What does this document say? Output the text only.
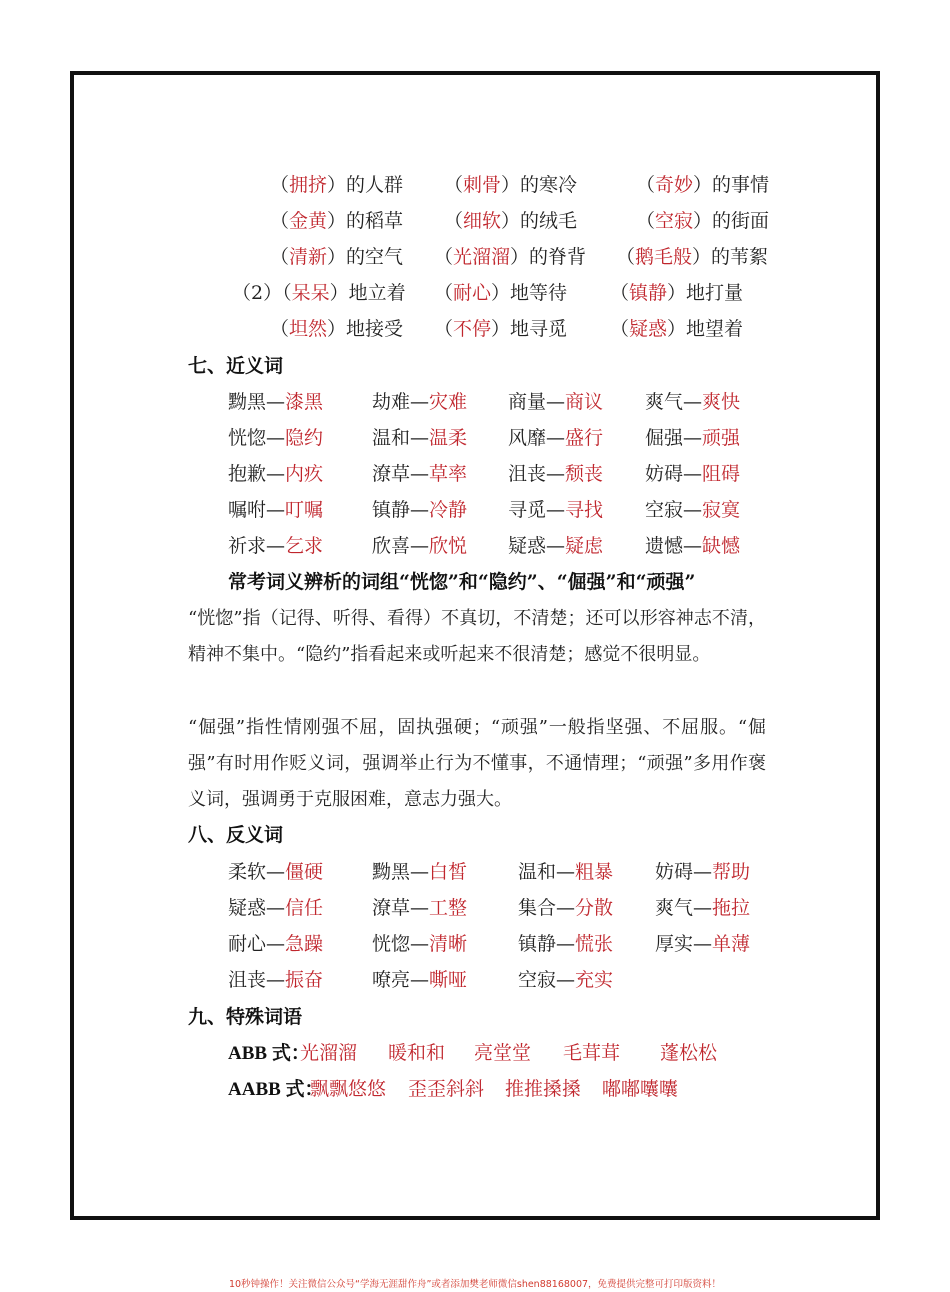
（拥挤）的人群 （刺骨）的寒冷	（奇妙）的事情
（金黄）的稻草 （细软）的绒毛	（空寂）的街面
（清新）的空气 （光溜溜）的脊背 （鹅毛般）的苇絮
（2）（呆呆）地立着 （耐心）地等待 （镇静）地打量
（坦然）地接受 （不停）地寻觅 （疑惑）地望着
七、近义词
黝黑—漆黑	劫难—灾难 商量—商议 爽气—爽快
恍惚—隐约	温和—温柔 风靡—盛行 倔强—顽强
抱歉—内疚	潦草—草率 沮丧—颓丧 妨碍—阻碍
嘱咐—叮嘱	镇静—冷静 寻觅—寻找 空寂—寂寞
祈求—乞求	欣喜—欣悦 疑惑—疑虑 遗憾—缺憾
常考词义辨析的词组“恍惚”和“隐约”、“倔强”和“顽强”
“恍惚”指（记得、听得、看得）不真切，不清楚；还可以形容神志不清，精神不集中。“隐约”指看起来或听起来不很清楚；感觉不很明显。
“倔强”指性情刚强不屈，固执强硬；“顽强”一般指坚强、不屈服。“倔强”有时用作贬义词，强调举止行为不懂事，不通情理；“顽强”多用作褒义词，强调勇于克服困难，意志力强大。
八、反义词
柔软—僵硬	黝黑—白皙	温和—粗暴 妨碍—帮助
疑惑—信任	潦草—工整	集合—分散 爽气—拖拉
耐心—急躁	恍惚—清晰	镇静—慌张 厚实—单薄
沮丧—振奋	嘹亮—嘶哑	空寂—充实
九、特殊词语
ABB 式：
光溜溜 暖和和 亮堂堂 毛茸茸 蓬松松
AABB 式：
飘飘悠悠 歪歪斜斜 推推搡搡 嘟嘟囔囔
10秒钟操作！关注微信公众号“学海无涯甜作舟”或者添加樊老师微信shen88168007，免费提供完整可打印版资料！
